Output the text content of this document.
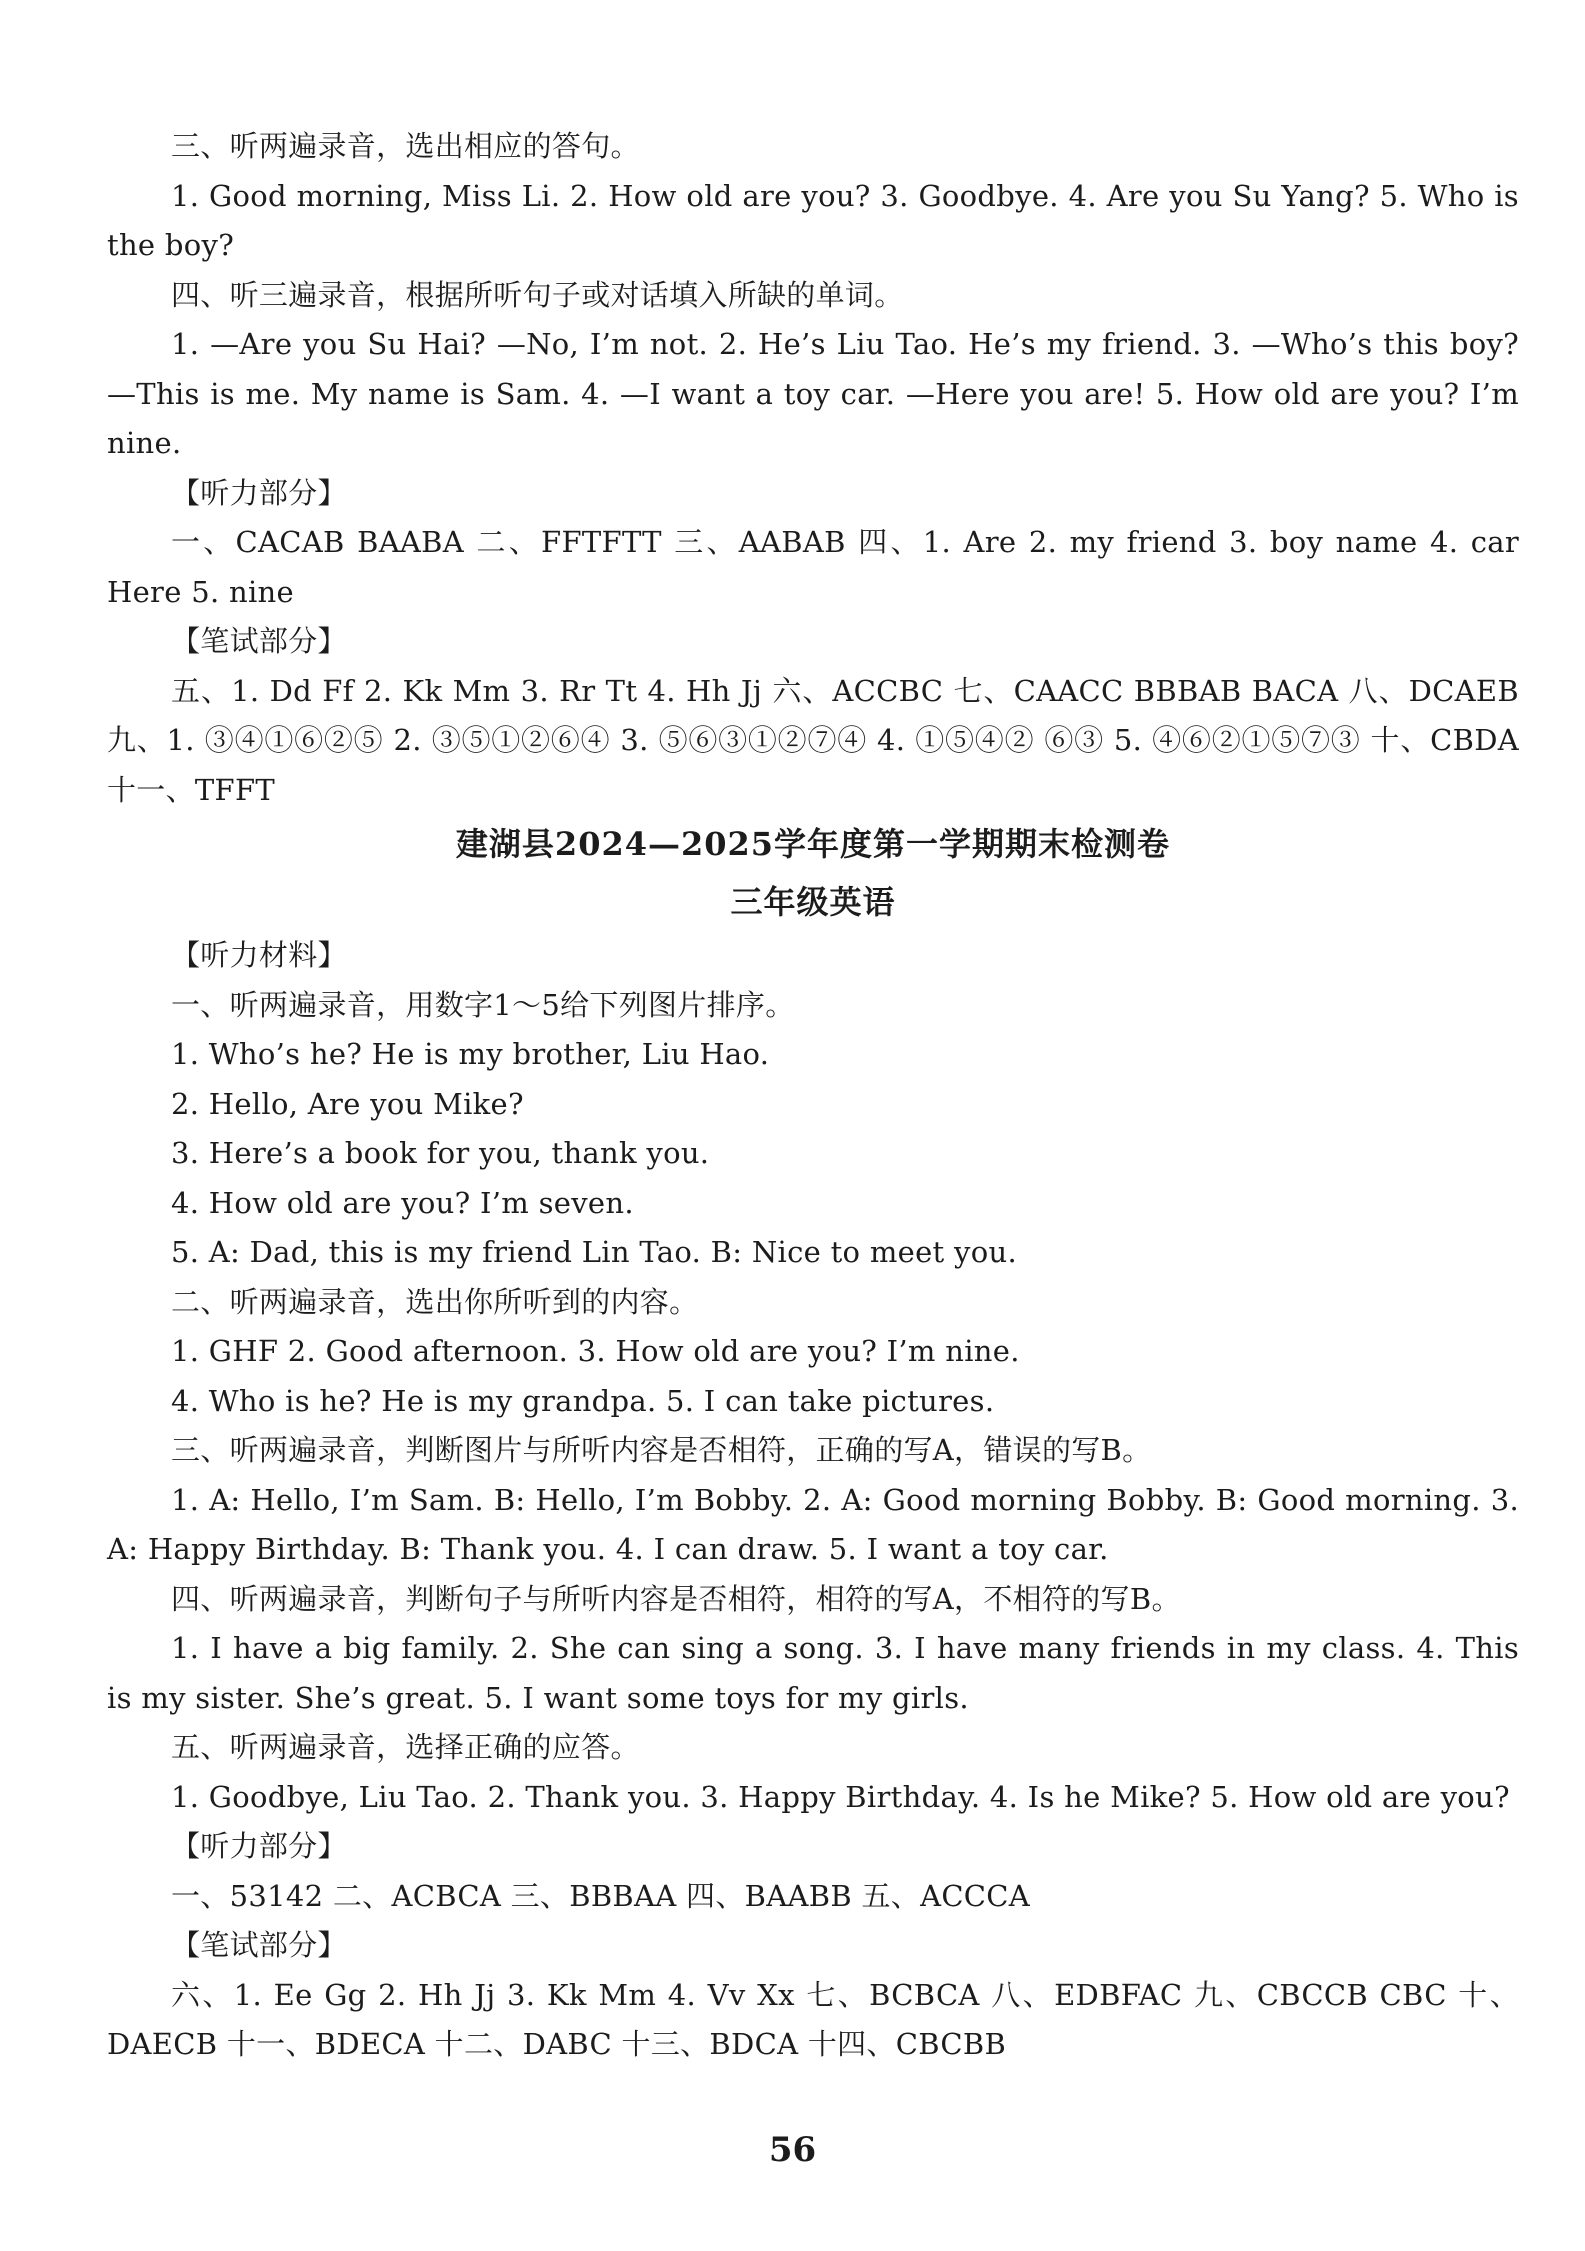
三、听两遍录音，选出相应的答句。

1. Good morning, Miss Li. 2. How old are you? 3. Goodbye. 4. Are you Su Yang? 5. Who is the boy?

四、听三遍录音，根据所听句子或对话填入所缺的单词。

1. —Are you Su Hai? —No, I’m not. 2. He’s Liu Tao. He’s my friend. 3. —Who’s this boy? —This is me. My name is Sam. 4. —I want a toy car. —Here you are! 5. How old are you? I’m nine.

【听力部分】

一、CACAB BAABA 二、FFTFTT 三、AABAB 四、1. Are 2. my friend 3. boy name 4. car Here 5. nine

【笔试部分】

五、1. Dd Ff 2. Kk Mm 3. Rr Tt 4. Hh Jj 六、ACCBC 七、CAACC BBBAB BACA 八、DCAEB 九、1. ③④①⑥②⑤ 2. ③⑤①②⑥④ 3. ⑤⑥③①②⑦④ 4. ①⑤④② ⑥③ 5. ④⑥②①⑤⑦③ 十、CBDA 十一、TFFT

建湖县2024—2025学年度第一学期期末检测卷

三年级英语

【听力材料】

一、听两遍录音，用数字1～5给下列图片排序。

1. Who’s he? He is my brother, Liu Hao.

2. Hello, Are you Mike?

3. Here’s a book for you, thank you.

4. How old are you? I’m seven.

5. A: Dad, this is my friend Lin Tao. B: Nice to meet you.

二、听两遍录音，选出你所听到的内容。

1. GHF 2. Good afternoon. 3. How old are you? I’m nine.

4. Who is he? He is my grandpa. 5. I can take pictures.

三、听两遍录音，判断图片与所听内容是否相符，正确的写A，错误的写B。

1. A: Hello, I’m Sam. B: Hello, I’m Bobby. 2. A: Good morning Bobby. B: Good morning. 3. A: Happy Birthday. B: Thank you. 4. I can draw. 5. I want a toy car.

四、听两遍录音，判断句子与所听内容是否相符，相符的写A，不相符的写B。

1. I have a big family. 2. She can sing a song. 3. I have many friends in my class. 4. This is my sister. She’s great. 5. I want some toys for my girls.

五、听两遍录音，选择正确的应答。

1. Goodbye, Liu Tao. 2. Thank you. 3. Happy Birthday. 4. Is he Mike? 5. How old are you?

【听力部分】

一、53142 二、ACBCA 三、BBBAA 四、BAABB 五、ACCCA

【笔试部分】

六、1. Ee Gg 2. Hh Jj 3. Kk Mm 4. Vv Xx 七、BCBCA 八、EDBFAC 九、CBCCB CBC 十、DAECB 十一、BDECA 十二、DABC 十三、BDCA 十四、CBCBB

56
